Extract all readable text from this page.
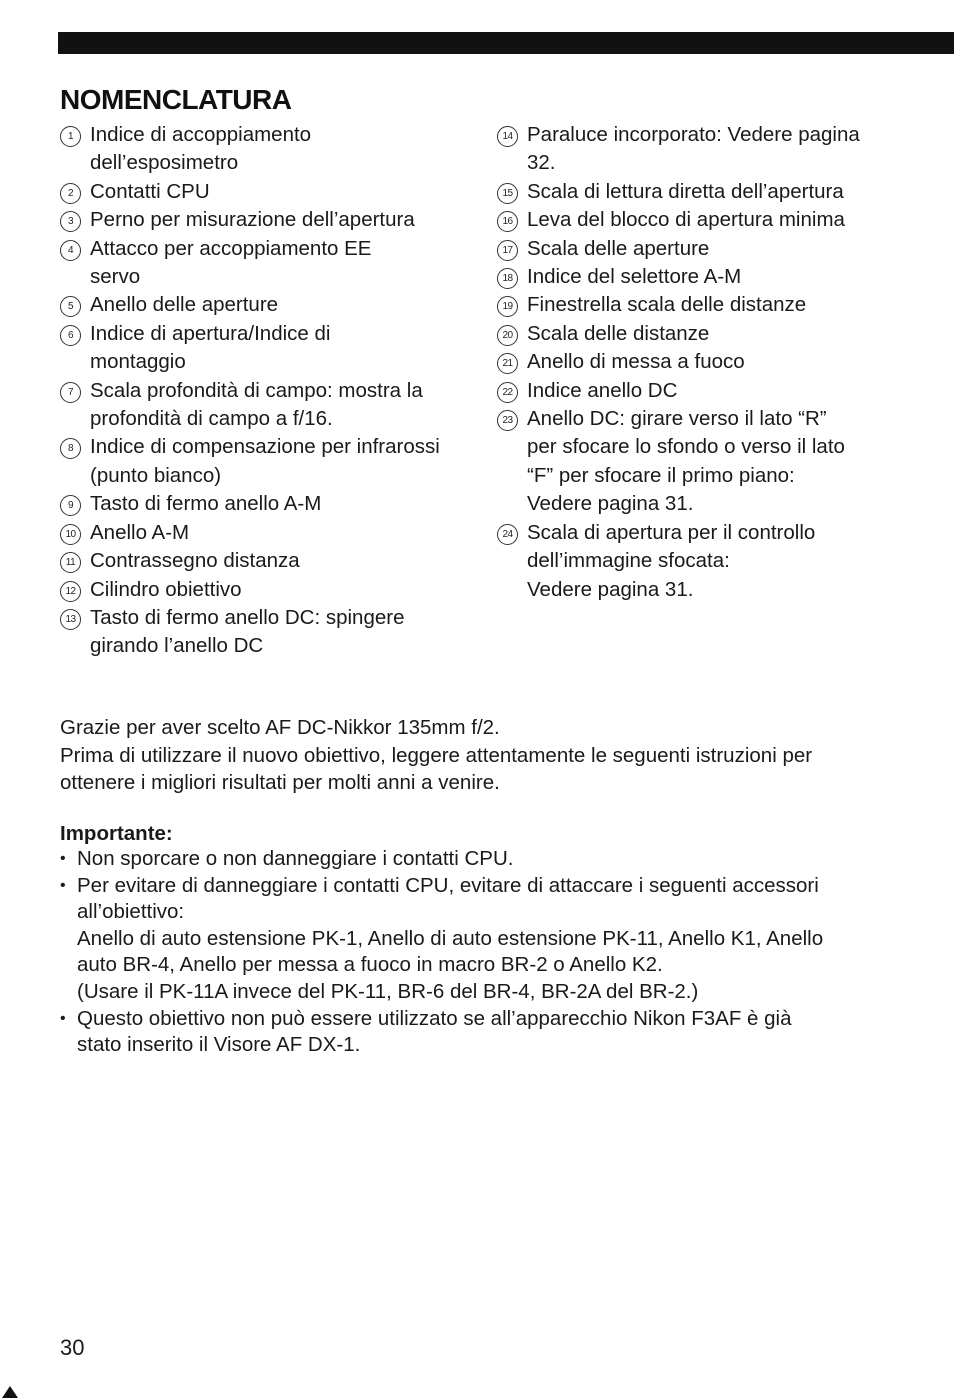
NOMENCLATURA
1 Indice di accoppiamento
dell’esposimetro
2 Contatti CPU
3 Perno per misurazione dell’apertura
4 Attacco per accoppiamento EE
servo
5 Anello delle aperture
6 Indice di apertura/Indice di
montaggio
7 Scala profondità di campo: mostra la
profondità di campo a f/16.
8 Indice di compensazione per infrarossi
(punto bianco)
9 Tasto di fermo anello A-M
10 Anello A-M
11 Contrassegno distanza
12 Cilindro obiettivo
13 Tasto di fermo anello DC: spingere
girando l’anello DC
14 Paraluce incorporato: Vedere pagina
32.
15 Scala di lettura diretta dell’apertura
16 Leva del blocco di apertura minima
17 Scala delle aperture
18 Indice del selettore A-M
19 Finestrella scala delle distanze
20 Scala delle distanze
21 Anello di messa a fuoco
22 Indice anello DC
23 Anello DC: girare verso il lato “R”
per sfocare lo sfondo o verso il lato
“F” per sfocare il primo piano:
Vedere pagina 31.
24 Scala di apertura per il controllo
dell’immagine sfocata:
Vedere pagina 31.

Grazie per aver scelto AF DC-Nikkor 135mm f/2.

Prima di utilizzare il nuovo obiettivo, leggere attentamente le seguenti istruzioni per

ottenere i migliori risultati per molti anni a venire.

Importante:
• Non sporcare o non danneggiare i contatti CPU.
• Per evitare di danneggiare i contatti CPU, evitare di attaccare i seguenti accessori
all’obiettivo:
Anello di auto estensione PK-1, Anello di auto estensione PK-11, Anello K1, Anello
auto BR-4, Anello per messa a fuoco in macro BR-2 o Anello K2.
(Usare il PK-11A invece del PK-11, BR-6 del BR-4, BR-2A del BR-2.)
• Questo obiettivo non può essere utilizzato se all’apparecchio Nikon F3AF è già
stato inserito il Visore AF DX-1.
30
